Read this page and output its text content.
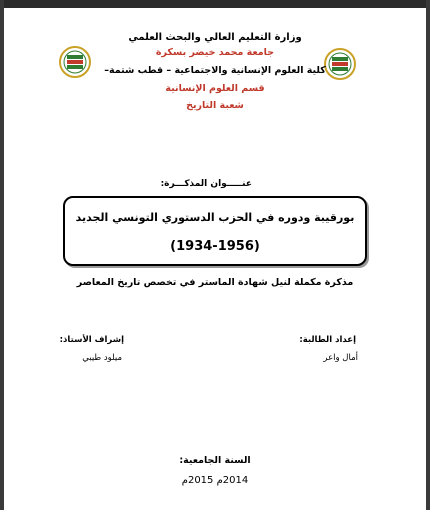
وزارة التعليم العالي والبحث العلمي
جامعة محمد خيضر بسكرة
كلية العلوم الإنسانية والاجتماعية – قطب شتمة–
قسم العلوم الإنسانية
شعبة التاريخ
عنـــــوان المذكـــرة:
بورقيبة ودوره في الحزب الدستوري التونسي الجديد
(1934-1956)
مذكرة مكملة لنيل شهادة الماستر في تخصص تاريخ المعاصر
إعداد الطالبة:
إشراف الأستاذ:
أمال واعر
ميلود طيبي
السنة الجامعية:
2014م 2015م
